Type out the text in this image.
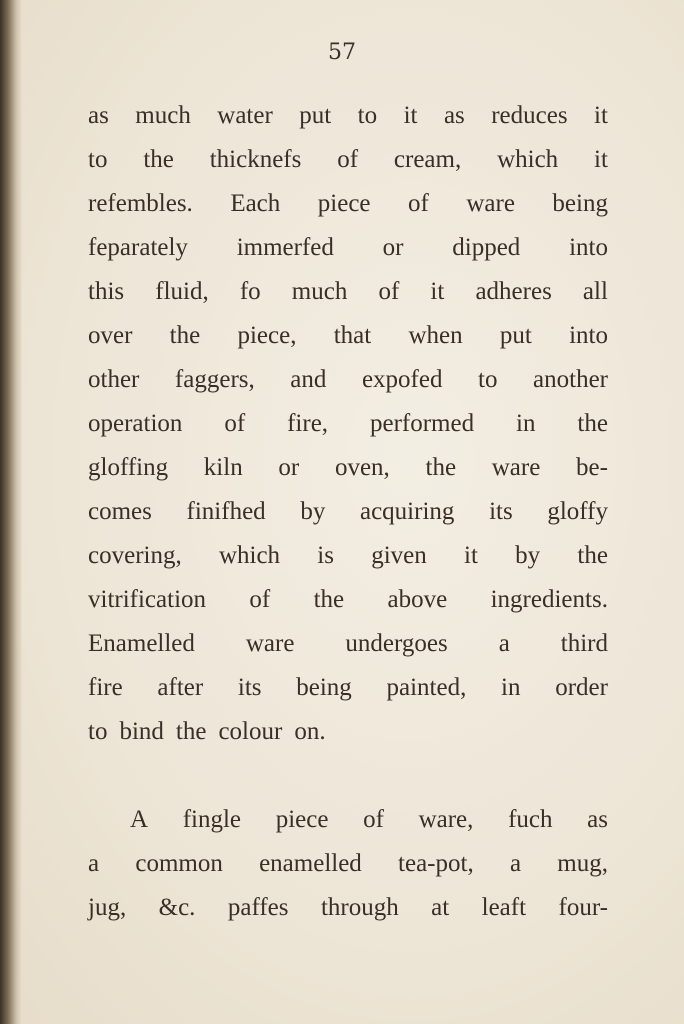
57
as much water put to it as reduces it
to the thicknefs of cream, which it
refembles. Each piece of ware being
feparately immerfed or dipped into
this fluid, fo much of it adheres all
over the piece, that when put into
other faggers, and expofed to another
operation of fire, performed in the
gloffing kiln or oven, the ware be-
comes finifhed by acquiring its gloffy
covering, which is given it by the
vitrification of the above ingredients.
Enamelled ware undergoes a third
fire after its being painted, in order
to bind the colour on.
A fingle piece of ware, fuch as
a common enamelled tea-pot, a mug,
jug, &c. paffes through at leaft four-
